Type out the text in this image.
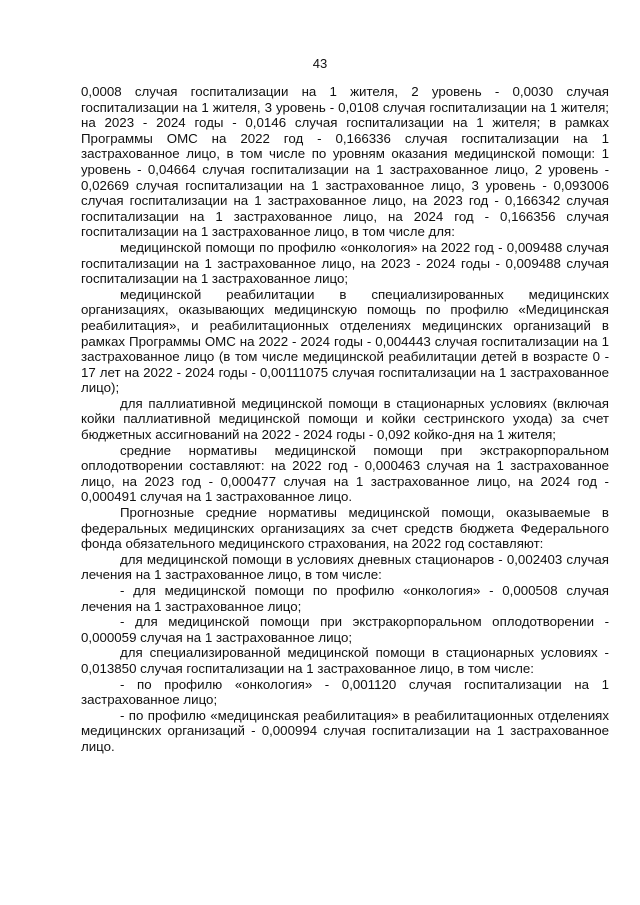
43

0,0008 случая госпитализации на 1 жителя, 2 уровень - 0,0030 случая госпитализации на 1 жителя, 3 уровень - 0,0108 случая госпитализации на 1 жителя; на 2023 - 2024 годы - 0,0146 случая госпитализации на 1 жителя; в рамках Программы ОМС на 2022 год - 0,166336 случая госпитализации на 1 застрахованное лицо, в том числе по уровням оказания медицинской помощи: 1 уровень - 0,04664 случая госпитализации на 1 застрахованное лицо, 2 уровень - 0,02669 случая госпитализации на 1 застрахованное лицо, 3 уровень - 0,093006 случая госпитализации на 1 застрахованное лицо, на 2023 год - 0,166342 случая госпитализации на 1 застрахованное лицо, на 2024 год - 0,166356 случая госпитализации на 1 застрахованное лицо, в том числе для:

медицинской помощи по профилю «онкология» на 2022 год - 0,009488 случая госпитализации на 1 застрахованное лицо, на 2023 - 2024 годы - 0,009488 случая госпитализации на 1 застрахованное лицо;

медицинской реабилитации в специализированных медицинских организациях, оказывающих медицинскую помощь по профилю «Медицинская реабилитация», и реабилитационных отделениях медицинских организаций в рамках Программы ОМС на 2022 - 2024 годы - 0,004443 случая госпитализации на 1 застрахованное лицо (в том числе медицинской реабилитации детей в возрасте 0 - 17 лет на 2022 - 2024 годы - 0,00111075 случая госпитализации на 1 застрахованное лицо);

для паллиативной медицинской помощи в стационарных условиях (включая койки паллиативной медицинской помощи и койки сестринского ухода) за счет бюджетных ассигнований на 2022 - 2024 годы - 0,092 койко-дня на 1 жителя;

средние нормативы медицинской помощи при экстракорпоральном оплодотворении составляют: на 2022 год - 0,000463 случая на 1 застрахованное лицо, на 2023 год - 0,000477 случая на 1 застрахованное лицо, на 2024 год - 0,000491 случая на 1 застрахованное лицо.

Прогнозные средние нормативы медицинской помощи, оказываемые в федеральных медицинских организациях за счет средств бюджета Федерального фонда обязательного медицинского страхования, на 2022 год составляют:

для медицинской помощи в условиях дневных стационаров - 0,002403 случая лечения на 1 застрахованное лицо, в том числе:

- для медицинской помощи по профилю «онкология» - 0,000508 случая лечения на 1 застрахованное лицо;

- для медицинской помощи при экстракорпоральном оплодотворении - 0,000059 случая на 1 застрахованное лицо;

для специализированной медицинской помощи в стационарных условиях - 0,013850 случая госпитализации на 1 застрахованное лицо, в том числе:

- по профилю «онкология» - 0,001120 случая госпитализации на 1 застрахованное лицо;

- по профилю «медицинская реабилитация» в реабилитационных отделениях медицинских организаций - 0,000994 случая госпитализации на 1 застрахованное лицо.
